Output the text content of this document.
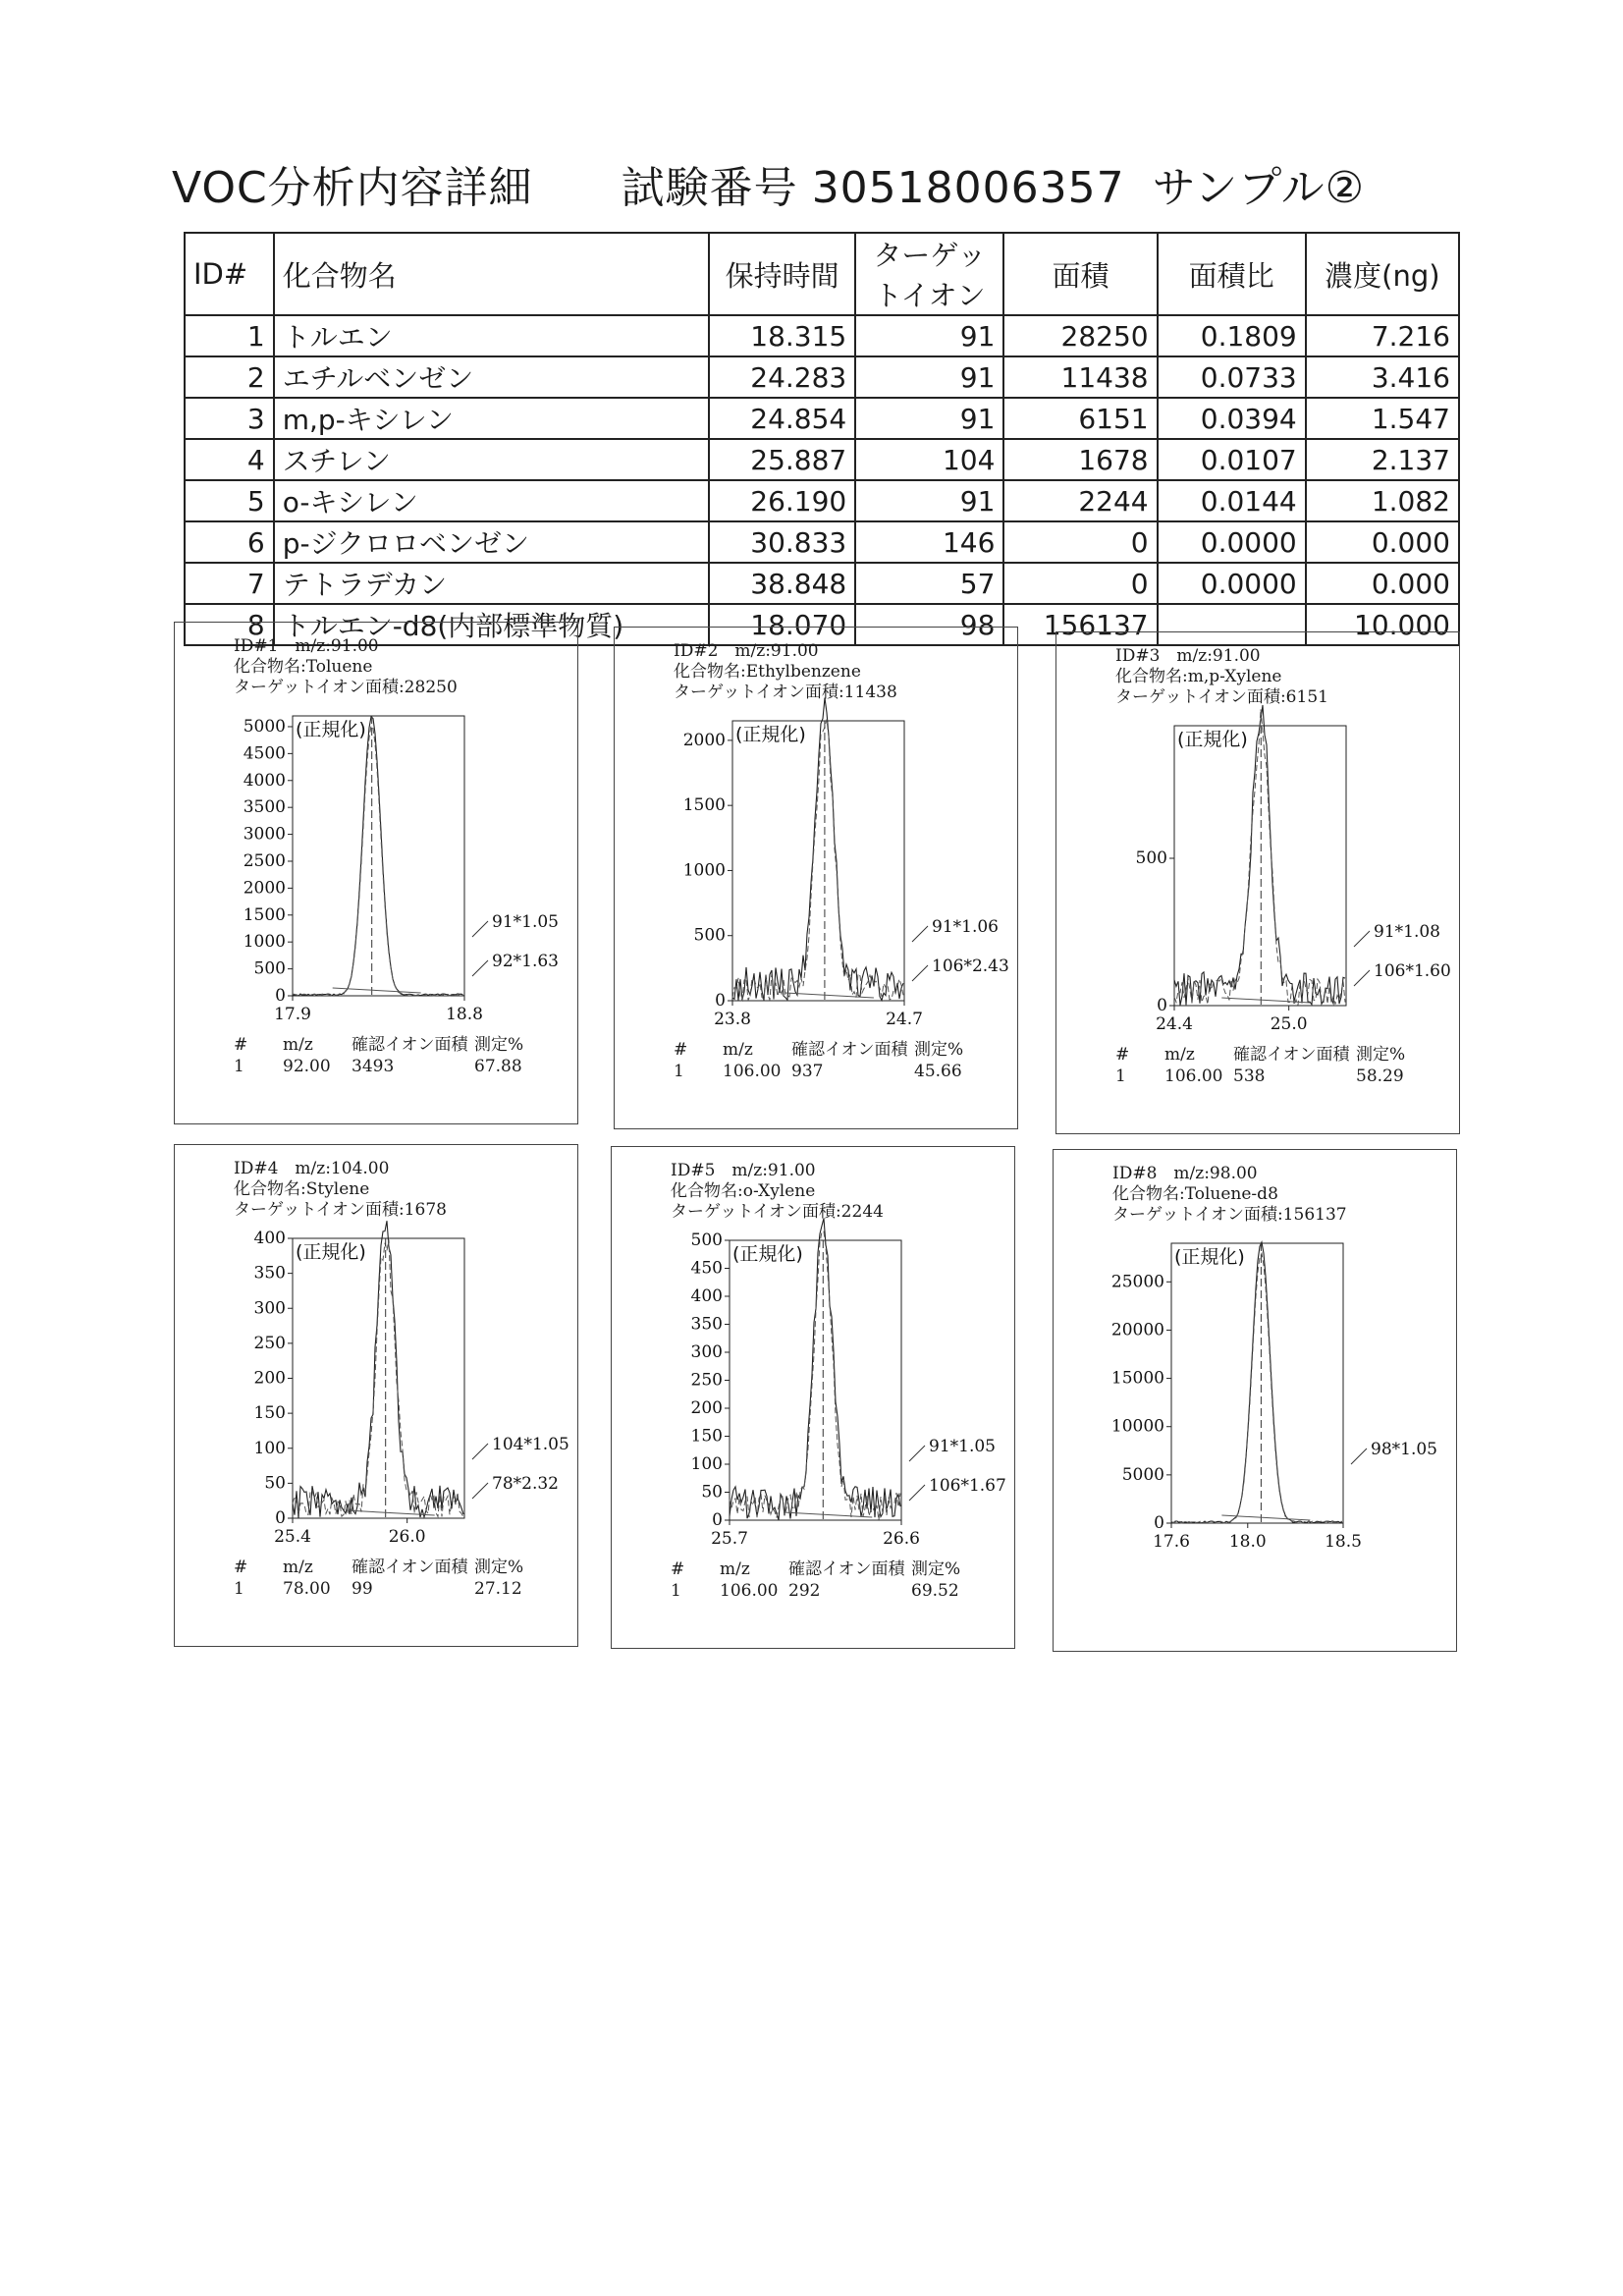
VOC分析内容詳細 試験番号 30518006357 サンプル②
ID#	化合物名	保持時間	ターゲットイオン	面積	面積比	濃度(ng)
1	トルエン	18.315	91	28250	0.1809	7.216
2	エチルベンゼン	24.283	91	11438	0.0733	3.416
3	m,p-キシレン	24.854	91	6151	0.0394	1.547
4	スチレン	25.887	104	1678	0.0107	2.137
5	o-キシレン	26.190	91	2244	0.0144	1.082
6	p-ジクロロベンゼン	30.833	146	0	0.0000	0.000
7	テトラデカン	38.848	57	0	0.0000	0.000
8	トルエン-d8(内部標準物質)	18.070	98	156137		10.000
ID#1　m/z:91.00
化合物名:Toluene
ターゲットイオン面積:28250
0
500
1000
1500
2000
2500
3000
3500
4000
4500
5000
17.9	18.8
(正規化)
91*1.05
92*1.63
# m/z 確認イオン面積 測定%
1 92.00 3493	67.88
ID#2　m/z:91.00
化合物名:Ethylbenzene
ターゲットイオン面積:11438
0
500
1000
1500
2000
23.8	24.7
(正規化)
91*1.06
106*2.43
# m/z 確認イオン面積 測定%
1 106.00 937	45.66
ID#3　m/z:91.00
化合物名:m,p-Xylene
ターゲットイオン面積:6151
0
500
24.4	25.0
(正規化)
91*1.08
106*1.60
# m/z 確認イオン面積 測定%
1 106.00 538	58.29
ID#4　m/z:104.00
化合物名:Stylene
ターゲットイオン面積:1678
0
50
100
150
200
250
300
350
400
25.4	26.0
(正規化)
104*1.05
78*2.32
# m/z 確認イオン面積 測定%
1 78.00 99	27.12
ID#5　m/z:91.00
化合物名:o-Xylene
ターゲットイオン面積:2244
0
50
100
150
200
250
300
350
400
450
500
25.7	26.6
(正規化)
91*1.05
106*1.67
# m/z 確認イオン面積 測定%
1 106.00 292	69.52
ID#8　m/z:98.00
化合物名:Toluene-d8
ターゲットイオン面積:156137
0
5000
10000
15000
20000
25000
17.6 18.0	18.5
(正規化)
98*1.05
